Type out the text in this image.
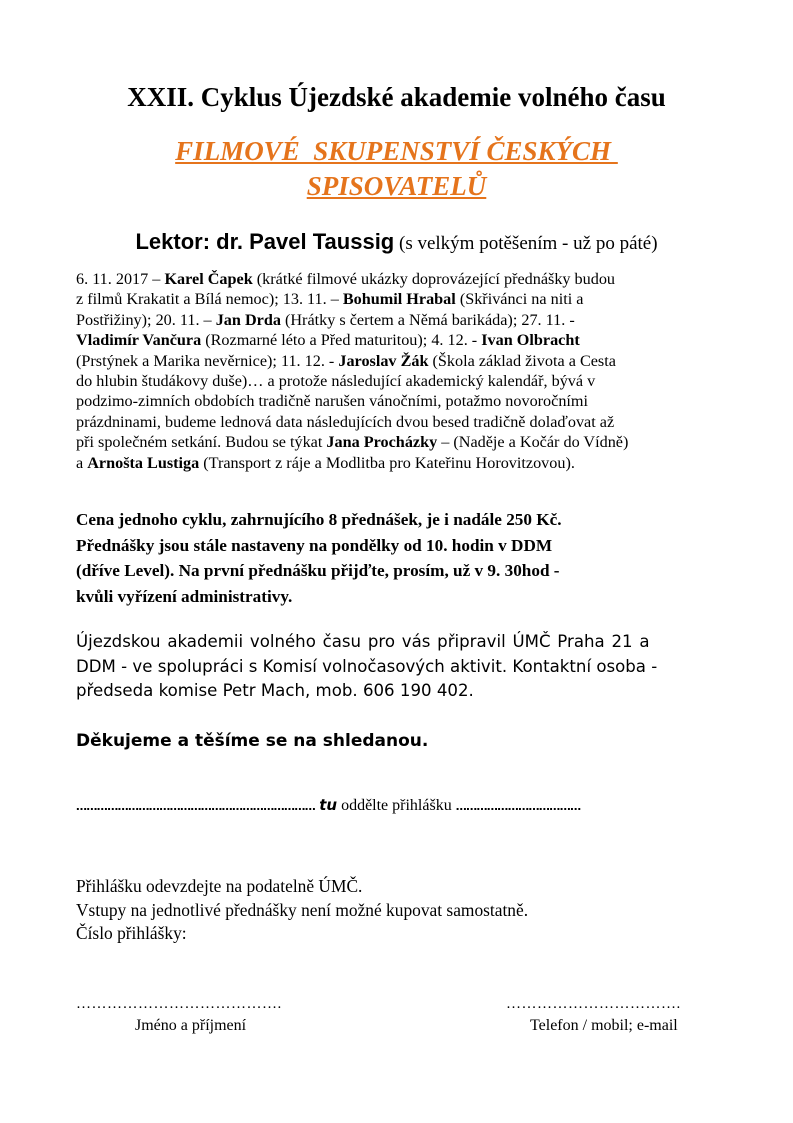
XXII. Cyklus Újezdské akademie volného času
FILMOVÉ  SKUPENSTVÍ ČESKÝCH
SPISOVATELŮ
Lektor: dr. Pavel Taussig (s velkým potěšením - už po páté)
6. 11. 2017 – Karel Čapek (krátké filmové ukázky doprovázející přednášky budou
z filmů Krakatit a Bílá nemoc); 13. 11. – Bohumil Hrabal (Skřivánci na niti a
Postřižiny); 20. 11. – Jan Drda (Hrátky s čertem a Němá barikáda); 27. 11. -
Vladimír Vančura (Rozmarné léto a Před maturitou); 4. 12. - Ivan Olbracht
(Prstýnek a Marika nevěrnice); 11. 12. - Jaroslav Žák (Škola základ života a Cesta
do hlubin študákovy duše)… a protože následující akademický kalendář, bývá v
podzimo-zimních obdobích tradičně narušen vánočními, potažmo novoročními
prázdninami, budeme lednová data následujících dvou besed tradičně dolaďovat až
při společném setkání. Budou se týkat Jana Procházky – (Naděje a Kočár do Vídně)
a Arnošta Lustiga (Transport z ráje a Modlitba pro Kateřinu Horovitzovou).
Cena jednoho cyklu, zahrnujícího 8 přednášek, je i nadále 250 Kč.
Přednášky jsou stále nastaveny na pondělky od 10. hodin v DDM
(dříve Level). Na první přednášku přijďte, prosím, už v 9. 30hod -
kvůli vyřízení administrativy.
Újezdskou akademii volného času pro vás připravil ÚMČ Praha 21 a
DDM - ve spolupráci s Komisí volnočasových aktivit. Kontaktní osoba -
předseda komise Petr Mach, mob. 606 190 402.
Děkujeme a těšíme se na shledanou.
…………………………………………………………… tu oddělte přihlášku ………………………………
Přihlášku odevzdejte na podatelně ÚMČ.
Vstupy na jednotlivé přednášky není možné kupovat samostatně.
Číslo přihlášky:
………………………………….	…………………………….
Jméno a příjmení	Telefon / mobil; e-mail
